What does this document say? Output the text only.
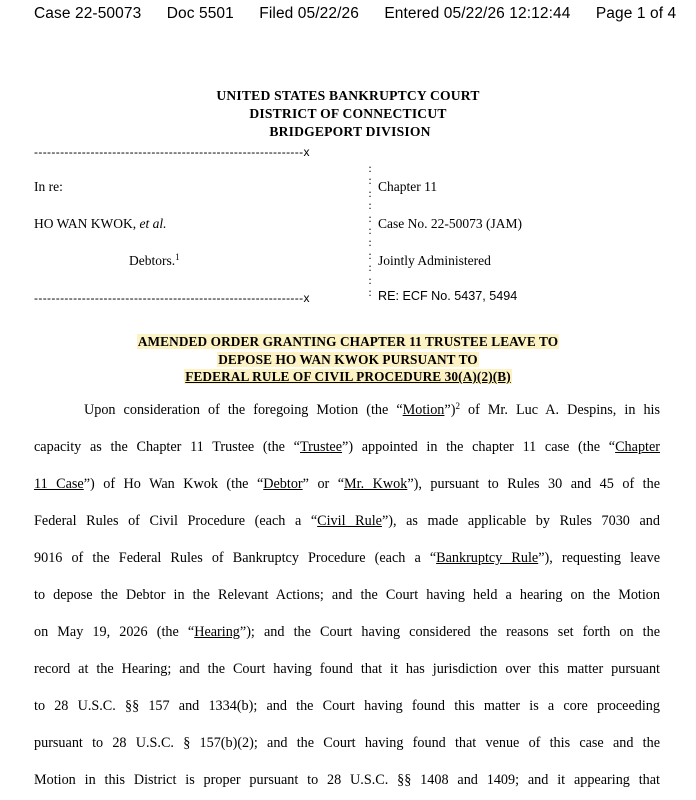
Case 22-50073 Doc 5501 Filed 05/22/26 Entered 05/22/26 12:12:44 Page 1 of 4
UNITED STATES BANKRUPTCY COURT
DISTRICT OF CONNECTICUT
BRIDGEPORT DIVISION
--------------------------------------------------------------x
:
:
:
:
:
:
:
:
:
:
:
In re:
HO WAN KWOK, et al.
Debtors.$^1$
Chapter 11
Case No. 22-50073 (JAM)
Jointly Administered
--------------------------------------------------------------x	RE: ECF No. 5437, 5494
AMENDED ORDER GRANTING CHAPTER 11 TRUSTEE LEAVE TO
DEPOSE HO WAN KWOK PURSUANT TO
FEDERAL RULE OF CIVIL PROCEDURE 30(A)(2)(B)
Upon consideration of the foregoing Motion (the “Motion”)$^2$ of Mr. Luc A. Despins, in his
capacity as the Chapter 11 Trustee (the “Trustee”) appointed in the chapter 11 case (the “Chapter
11 Case”) of Ho Wan Kwok (the “Debtor” or “Mr. Kwok”), pursuant to Rules 30 and 45 of the
Federal Rules of Civil Procedure (each a “Civil Rule”), as made applicable by Rules 7030 and
9016 of the Federal Rules of Bankruptcy Procedure (each a “Bankruptcy Rule”), requesting leave
to depose the Debtor in the Relevant Actions; and the Court having held a hearing on the Motion
on May 19, 2026 (the “Hearing”); and the Court having considered the reasons set forth on the
record at the Hearing; and the Court having found that it has jurisdiction over this matter pursuant
to 28 U.S.C. §§ 157 and 1334(b); and the Court having found this matter is a core proceeding
pursuant to 28 U.S.C. § 157(b)(2); and the Court having found that venue of this case and the
Motion in this District is proper pursuant to 28 U.S.C. §§ 1408 and 1409; and it appearing that
